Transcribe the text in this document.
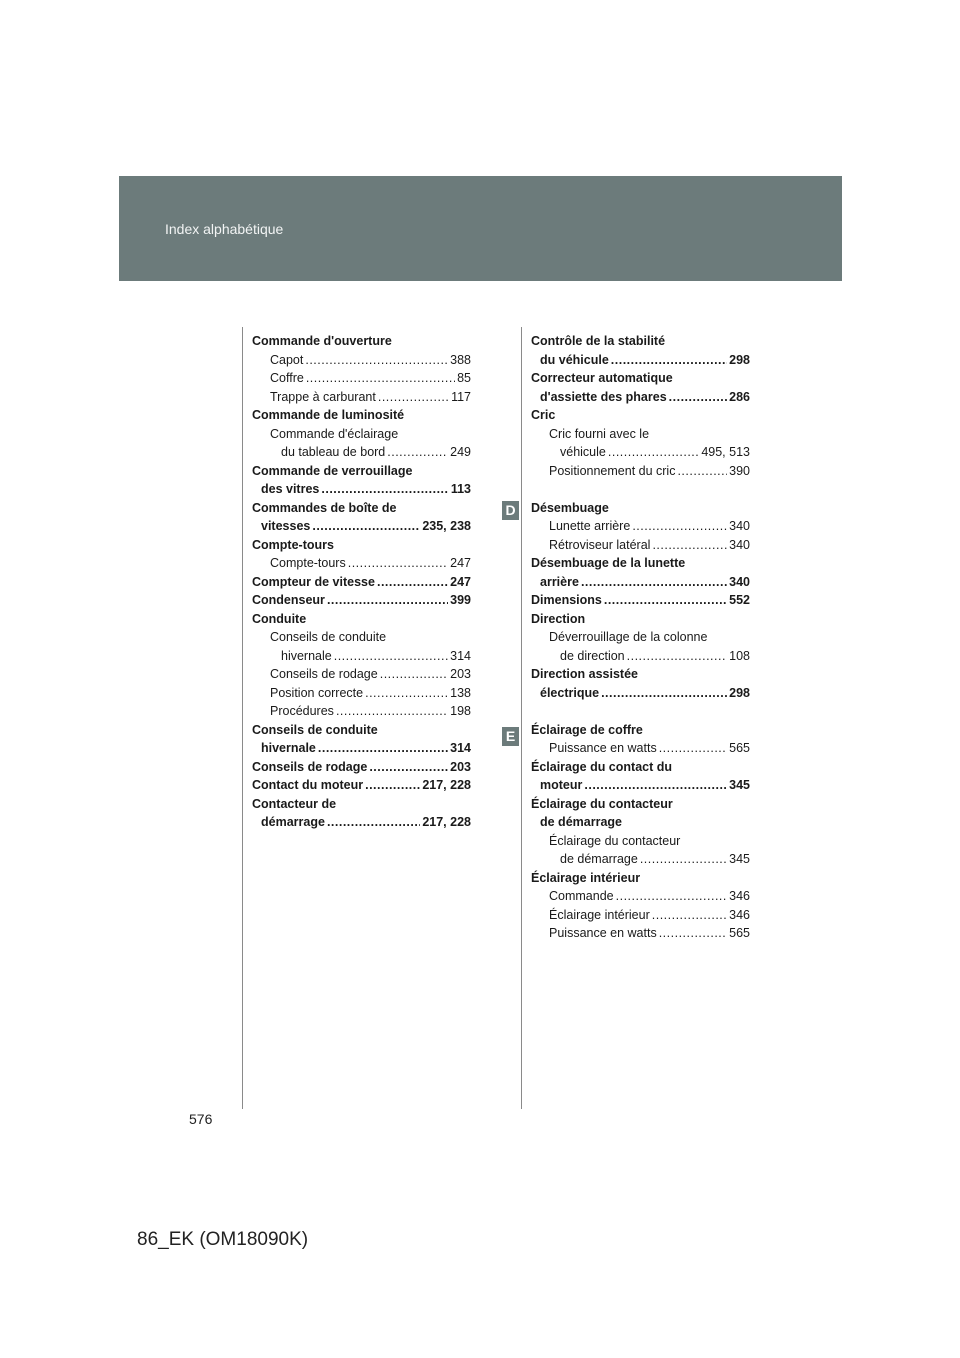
Index alphabétique
Commande d'ouverture
Capot .....	388
Coffre .....	85
Trappe à carburant .....	117
Commande de luminosité
Commande d'éclairage
du tableau de bord .....	249
Commande de verrouillage
des vitres .....	113
Commandes de boîte de
vitesses .....	235, 238
Compte-tours
Compte-tours .....	247
Compteur de vitesse .....	247
Condenseur .....	399
Conduite
Conseils de conduite
hivernale .....	314
Conseils de rodage .....	203
Position correcte .....	138
Procédures .....	198
Conseils de conduite
hivernale .....	314
Conseils de rodage .....	203
Contact du moteur .....	217, 228
Contacteur de
démarrage .....	217, 228
Contrôle de la stabilité
du véhicule .....	298
Correcteur automatique
d'assiette des phares .....	286
Cric
Cric fourni avec le
véhicule .....	495, 513
Positionnement du cric .....	390
Désembuage
Lunette arrière .....	340
Rétroviseur latéral .....	340
Désembuage de la lunette
arrière .....	340
Dimensions .....	552
Direction
Déverrouillage de la colonne
de direction .....	108
Direction assistée
électrique .....	298
Éclairage de coffre
Puissance en watts .....	565
Éclairage du contact du
moteur .....	345
Éclairage du contacteur
de démarrage
Éclairage du contacteur
de démarrage .....	345
Éclairage intérieur
Commande .....	346
Éclairage intérieur .....	346
Puissance en watts .....	565
D
E
576
86_EK (OM18090K)
